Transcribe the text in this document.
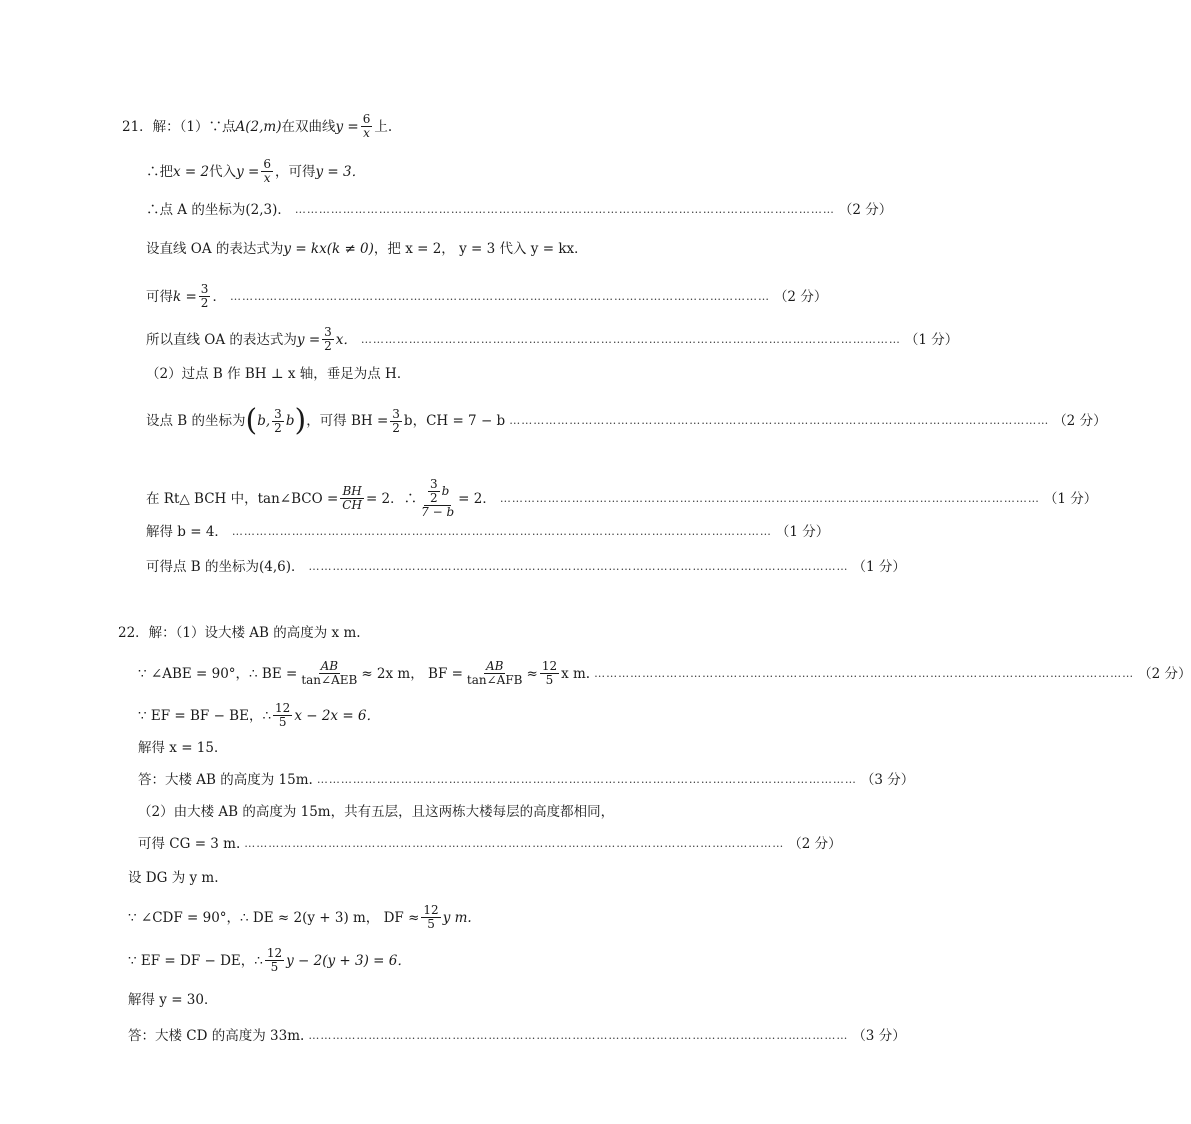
21．解：（1）∵点 A(2,m) 在双曲线 $y = \frac{6}{x}$ 上.
∴把 x = 2 代入 $y = \frac{6}{x}$ ，可得 y = 3．
∴点 A 的坐标为 (2,3)． ……………………………………………………………………………………………………………………… （2 分）
设直线 OA 的表达式为 y = kx(k ≠ 0) ，把 x = 2， y = 3 代入 y = kx．
可得 $k = \frac{3}{2}$ ． ……………………………………………………………………………………………………………………… （2 分）
所以直线 OA 的表达式为 $y = \frac{3}{2}$ x． ……………………………………………………………………………………………………………………… （1 分）
（2）过点 B 作 BH ⊥ x 轴，垂足为点 H．
设点 B 的坐标为 ( b, $\frac{3}{2}$ b ) ，可得 BH = $\frac{3}{2}$ b，CH = 7 − b ……………………………………………………………………………………………………………………… （2 分）
在 Rt△ BCH 中，tan∠BCO = $\frac{BH}{CH} = 2$．∴ $\frac{\frac{3}{2} b}{7 - b} = 2$． ……………………………………………………………………………………………………………………… （1 分）
解得 b = 4． ……………………………………………………………………………………………………………………… （1 分）
可得点 B 的坐标为 (4,6)． ……………………………………………………………………………………………………………………… （1 分）
22．解：（1）设大楼 AB 的高度为 x m.
∵ ∠ABE = 90°，∴ BE = $\frac{AB}{\text{tan∠AEB}} \approx 2x$ m， BF = $\frac{AB}{\text{tan∠AFB}} \approx \frac{12}{5}$ x m. ……………………………………………………………………………………………………………………… （2 分）
∵ EF = BF − BE，∴ $\frac{12}{5}$ x − 2x = 6．
解得 x = 15．
答：大楼 AB 的高度为 15m. ……………………………………………………………………………………………………………………… （3 分）
（2）由大楼 AB 的高度为 15m，共有五层，且这两栋大楼每层的高度都相同，
可得 CG = 3 m. ……………………………………………………………………………………………………………………… （2 分）
设 DG 为 y m.
∵ ∠CDF = 90°，∴ DE ≈ 2(y + 3) m， DF ≈ $\frac{12}{5}$ y m.
∵ EF = DF − DE，∴ $\frac{12}{5}$ y − 2(y + 3) = 6．
解得 y = 30．
答：大楼 CD 的高度为 33m. ……………………………………………………………………………………………………………………… （3 分）
